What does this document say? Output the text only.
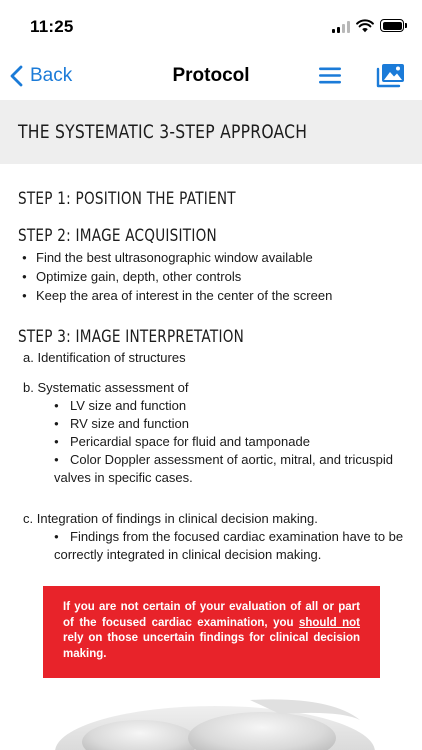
11:25
Back	Protocol
THE SYSTEMATIC 3-STEP APPROACH
STEP 1: POSITION THE PATIENT
STEP 2: IMAGE ACQUISITION
● Find the best ultrasonographic window available
● Optimize gain, depth, other controls
● Keep the area of interest in the center of the screen
STEP 3: IMAGE INTERPRETATION
a. Identification of structures
b. Systematic assessment of
● LV size and function
● RV size and function
● Pericardial space for fluid and tamponade
● Color Doppler assessment of aortic, mitral, and tricuspid
valves in specific cases.
c. Integration of findings in clinical decision making.
● Findings from the focused cardiac examination have to be
correctly integrated in clinical decision making.

If you are not certain of your evaluation of all or part of the focused cardiac examination, you should not rely on those uncertain findings for clinical decision making.
